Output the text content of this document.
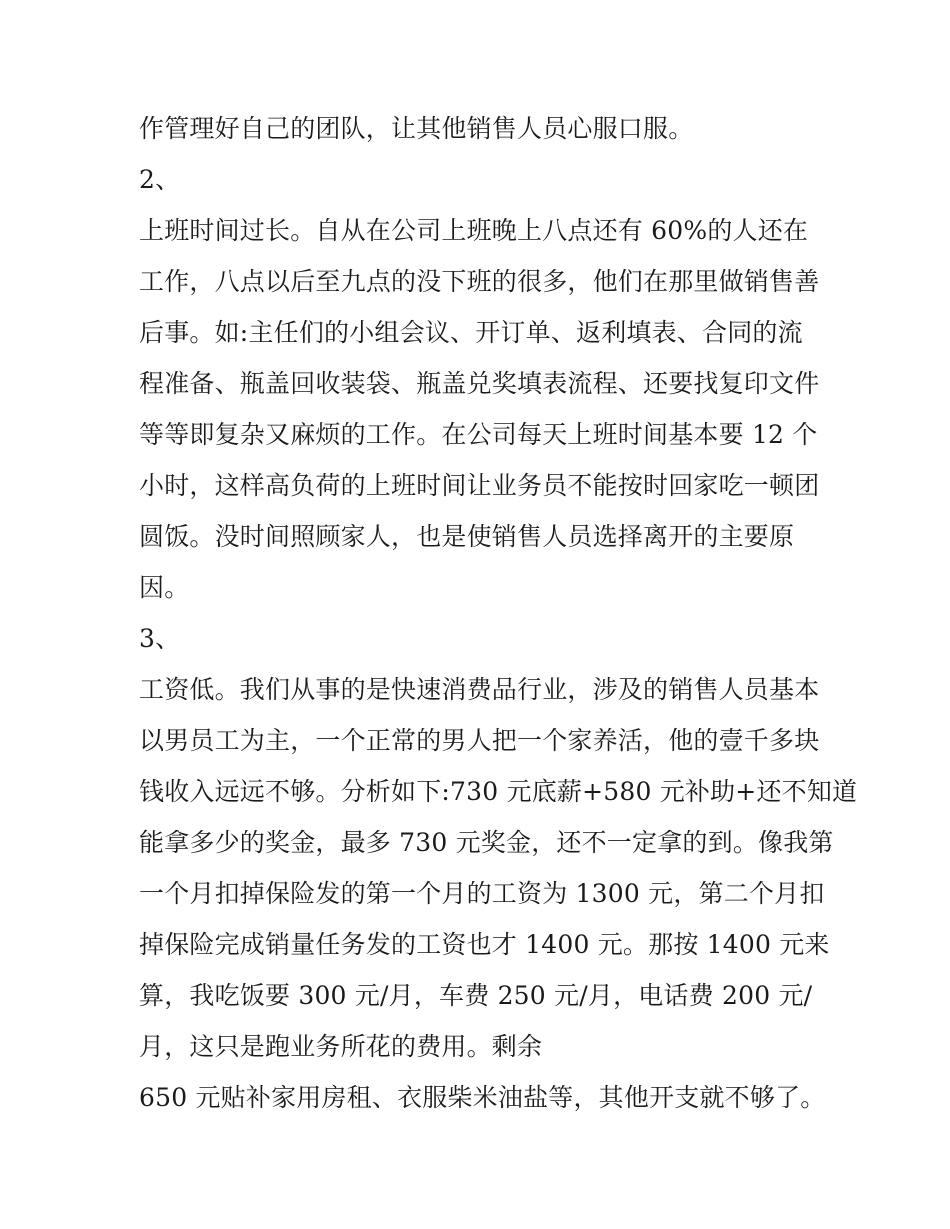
作管理好自己的团队，让其他销售人员心服口服。
2、
上班时间过长。自从在公司上班晚上八点还有 60%的人还在
工作，八点以后至九点的没下班的很多，他们在那里做销售善
后事。如:主任们的小组会议、开订单、返利填表、合同的流
程准备、瓶盖回收装袋、瓶盖兑奖填表流程、还要找复印文件
等等即复杂又麻烦的工作。在公司每天上班时间基本要 12 个
小时，这样高负荷的上班时间让业务员不能按时回家吃一顿团
圆饭。没时间照顾家人，也是使销售人员选择离开的主要原
因。
3、
工资低。我们从事的是快速消费品行业，涉及的销售人员基本
以男员工为主，一个正常的男人把一个家养活，他的壹千多块
钱收入远远不够。分析如下:730 元底薪+580 元补助+还不知道
能拿多少的奖金，最多 730 元奖金，还不一定拿的到。像我第
一个月扣掉保险发的第一个月的工资为 1300 元，第二个月扣
掉保险完成销量任务发的工资也才 1400 元。那按 1400 元来
算，我吃饭要 300 元/月，车费 250 元/月，电话费 200 元/
月，这只是跑业务所花的费用。剩余
650 元贴补家用房租、衣服柴米油盐等，其他开支就不够了。
